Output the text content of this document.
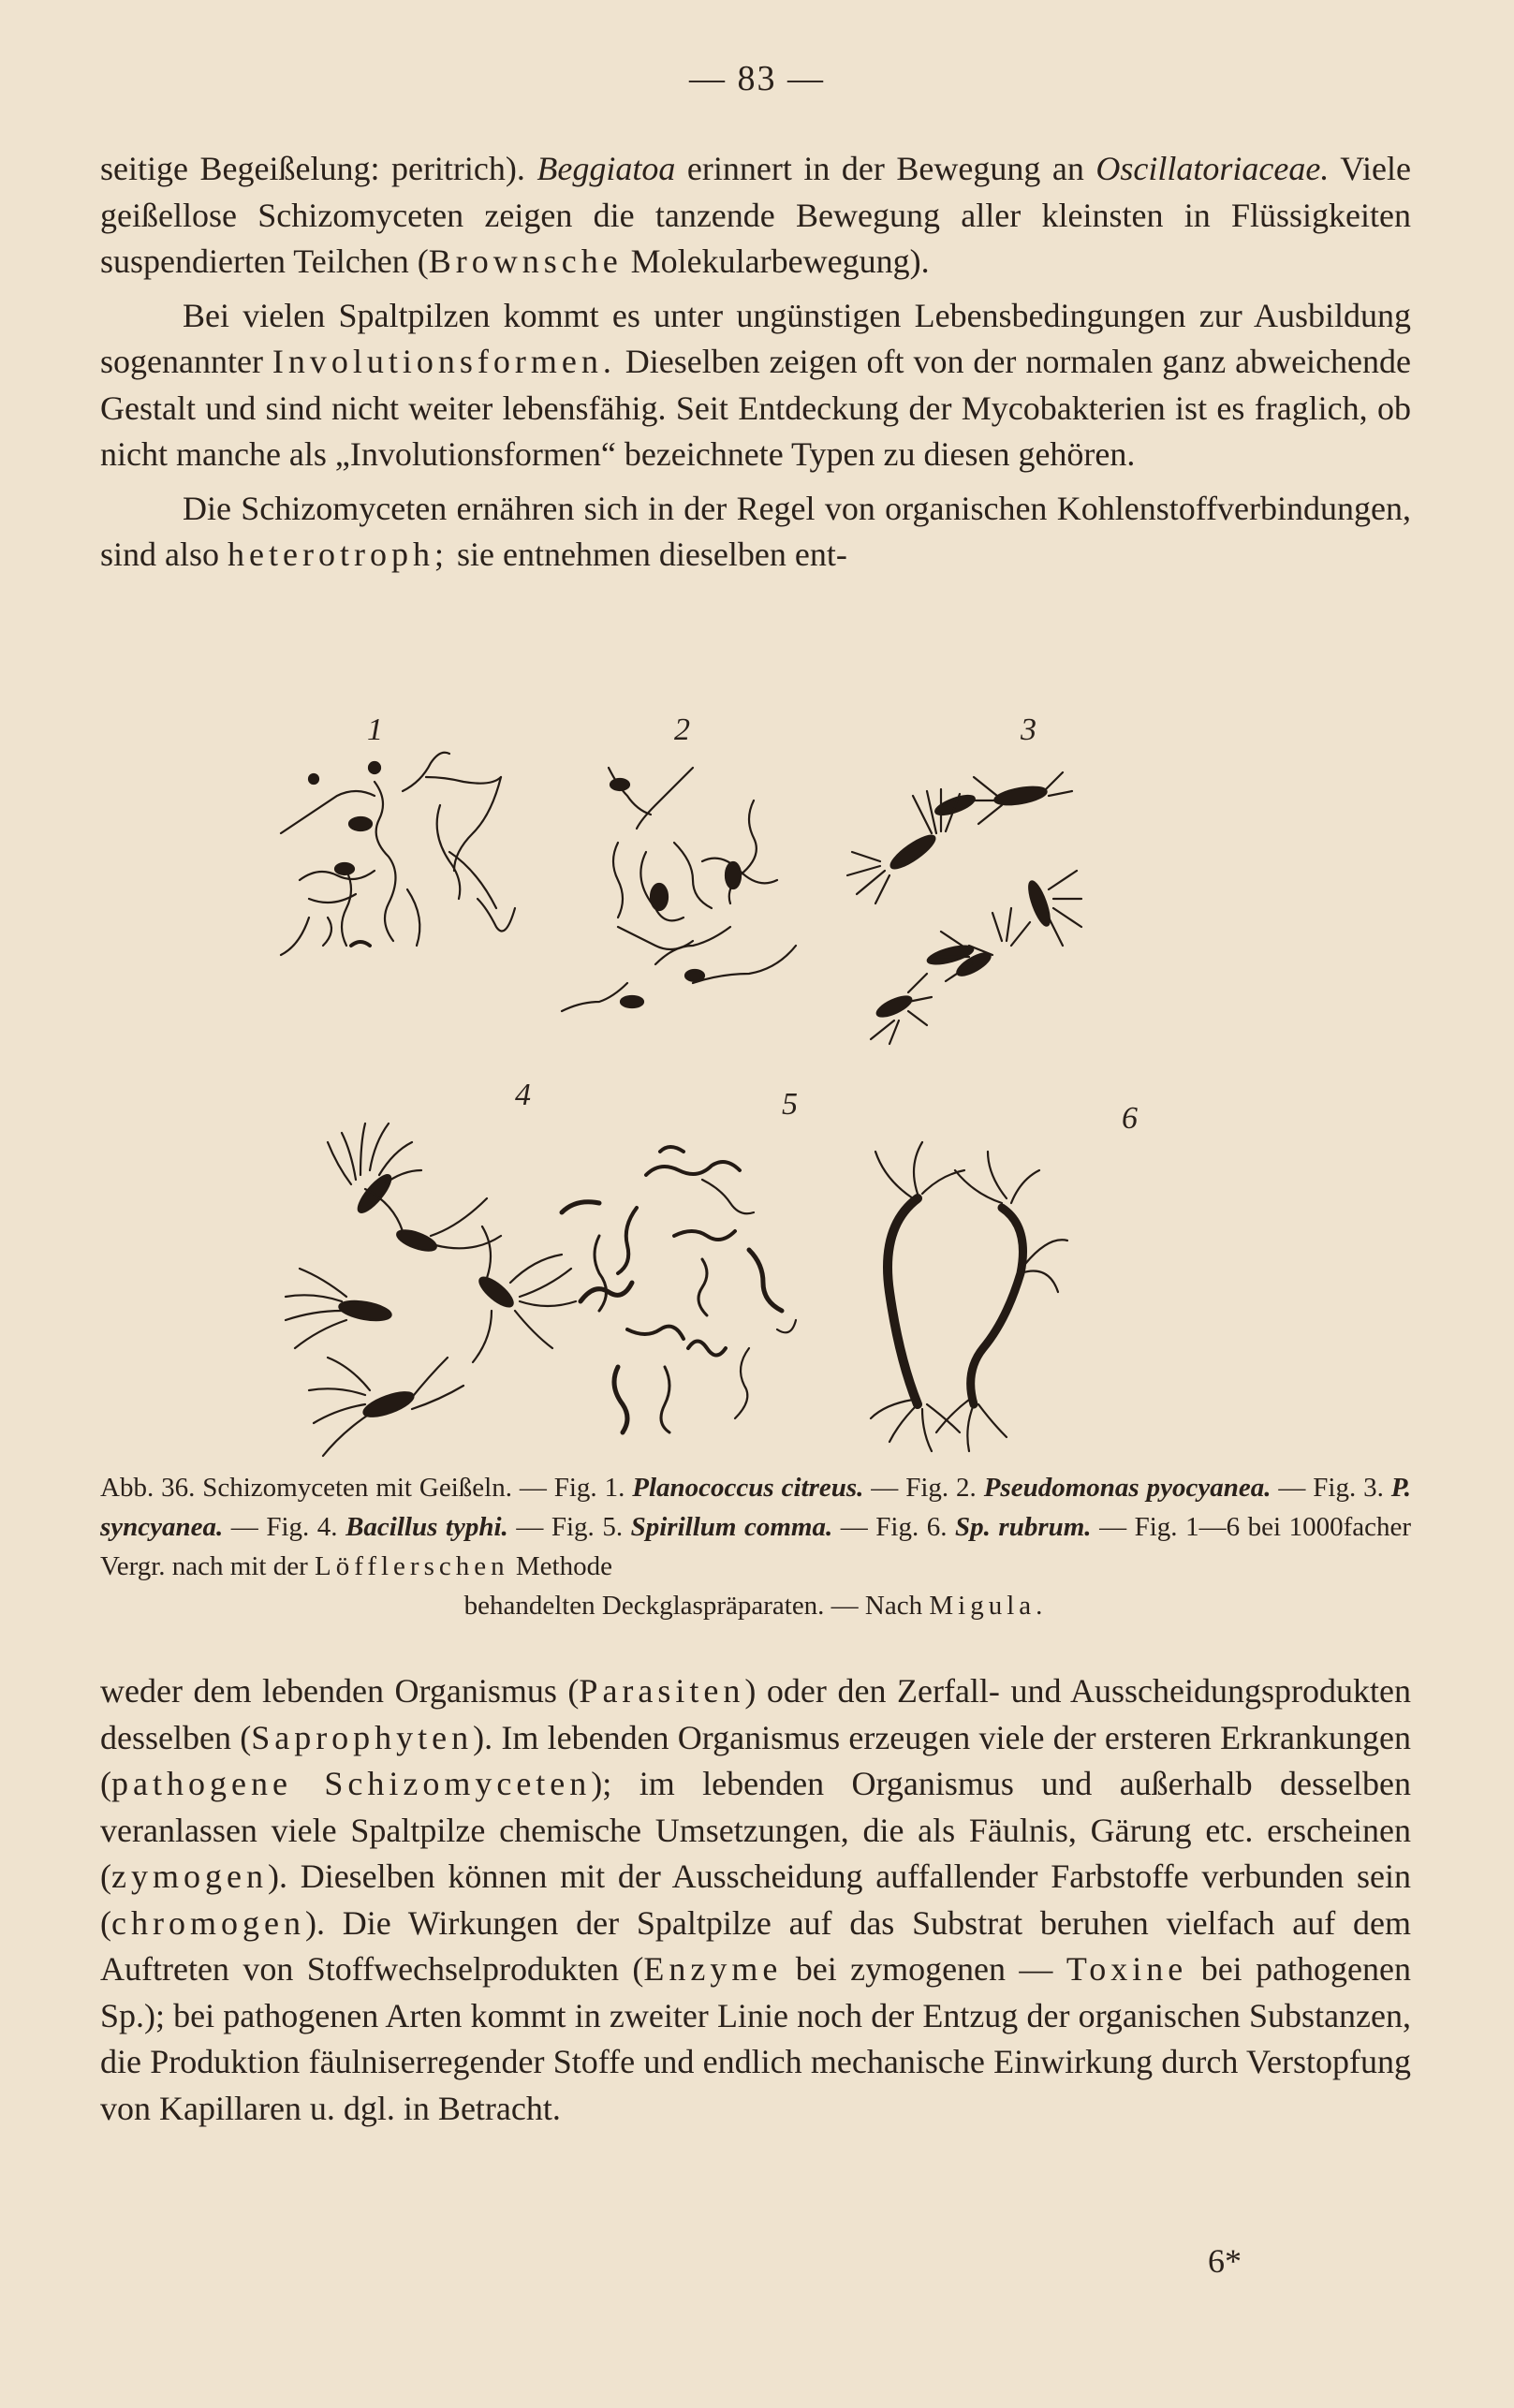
— 83 —

seitige Begeißelung: peritrich). Beggiatoa erinnert in der Bewegung an Oscillatoriaceae. Viele geißellose Schizomyceten zeigen die tanzende Bewegung aller kleinsten in Flüssigkeiten suspendierten Teilchen (Brownsche Molekularbewegung).

Bei vielen Spaltpilzen kommt es unter ungünstigen Lebensbedingungen zur Ausbildung sogenannter Involutionsformen. Dieselben zeigen oft von der normalen ganz abweichende Gestalt und sind nicht weiter lebensfähig. Seit Entdeckung der Mycobakterien ist es fraglich, ob nicht manche als „Involutionsformen“ bezeichnete Typen zu diesen gehören.

Die Schizomyceten ernähren sich in der Regel von organischen Kohlenstoffverbindungen, sind also heterotroph; sie entnehmen dieselben ent-

1	2	3
4	5	6
Abb. 36. Schizomyceten mit Geißeln. — Fig. 1. Planococcus citreus. — Fig. 2. Pseudomonas pyocyanea. — Fig. 3. P. syncyanea. — Fig. 4. Bacillus typhi. — Fig. 5. Spirillum comma. — Fig. 6. Sp. rubrum. — Fig. 1—6 bei 1000facher Vergr. nach mit der Löfflerschen Methode
behandelten Deckglaspräparaten. — Nach Migula.

weder dem lebenden Organismus (Parasiten) oder den Zerfall- und Ausscheidungsprodukten desselben (Saprophyten). Im lebenden Organismus erzeugen viele der ersteren Erkrankungen (pathogene Schizomyceten); im lebenden Organismus und außerhalb desselben veranlassen viele Spaltpilze chemische Umsetzungen, die als Fäulnis, Gärung etc. erscheinen (zymogen). Dieselben können mit der Ausscheidung auffallender Farbstoffe verbunden sein (chromogen). Die Wirkungen der Spaltpilze auf das Substrat beruhen vielfach auf dem Auftreten von Stoffwechselprodukten (Enzyme bei zymogenen — Toxine bei pathogenen Sp.); bei pathogenen Arten kommt in zweiter Linie noch der Entzug der organischen Substanzen, die Produktion fäulniserregender Stoffe und endlich mechanische Einwirkung durch Verstopfung von Kapillaren u. dgl. in Betracht.

6*
